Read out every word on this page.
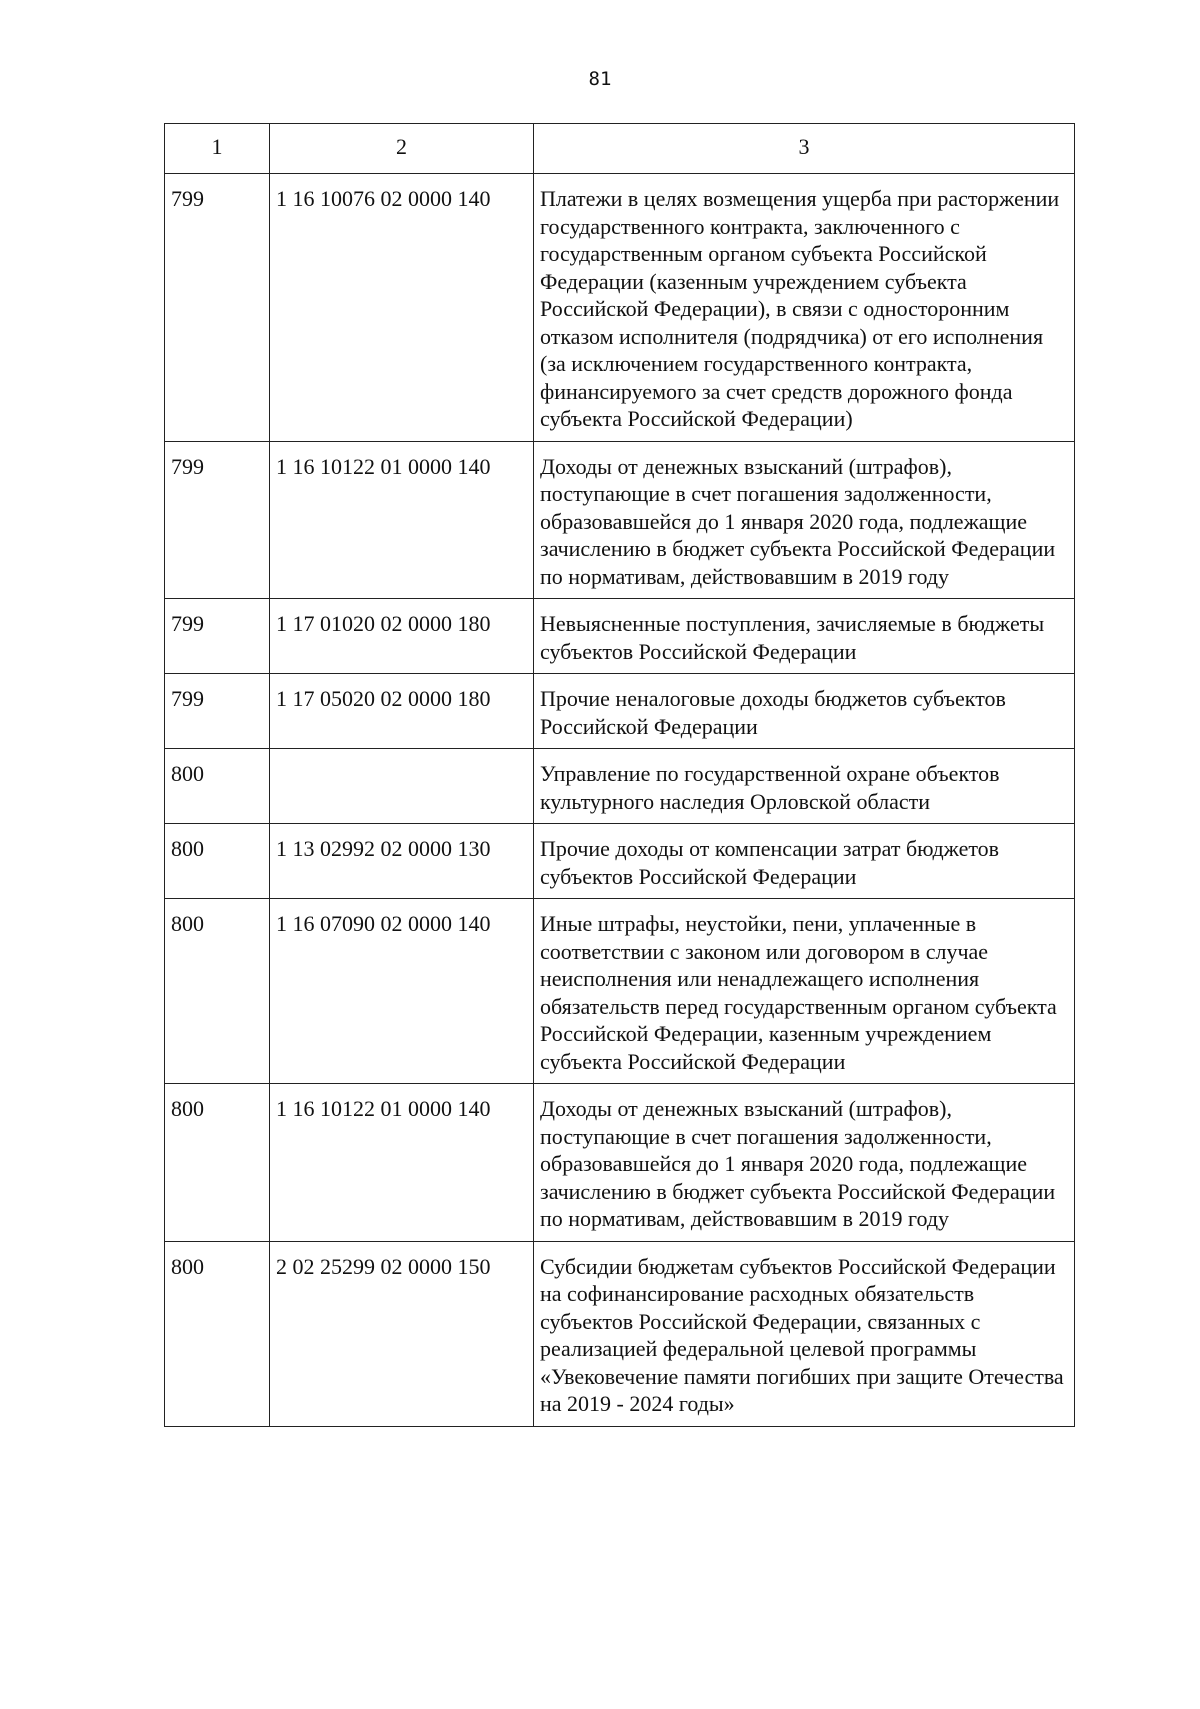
81
1	2	3
799	1 16 10076 02 0000 140	Платежи в целях возмещения ущерба при расторжении государственного контракта, заключенного с государственным органом субъекта Российской Федерации (казенным учреждением субъекта Российской Федерации), в связи с односторонним отказом исполнителя (подрядчика) от его исполнения (за исключением государственного контракта, финансируемого за счет средств дорожного фонда субъекта Российской Федерации)
799	1 16 10122 01 0000 140	Доходы от денежных взысканий (штрафов), поступающие в счет погашения задолженности, образовавшейся до 1 января 2020 года, подлежащие зачислению в бюджет субъекта Российской Федерации по нормативам, действовавшим в 2019 году
799	1 17 01020 02 0000 180	Невыясненные поступления, зачисляемые в бюджеты субъектов Российской Федерации
799	1 17 05020 02 0000 180	Прочие неналоговые доходы бюджетов субъектов Российской Федерации
800		Управление по государственной охране объектов культурного наследия Орловской области
800	1 13 02992 02 0000 130	Прочие доходы от компенсации затрат бюджетов субъектов Российской Федерации
800	1 16 07090 02 0000 140	Иные штрафы, неустойки, пени, уплаченные в соответствии с законом или договором в случае неисполнения или ненадлежащего исполнения обязательств перед государственным органом субъекта Российской Федерации, казенным учреждением субъекта Российской Федерации
800	1 16 10122 01 0000 140	Доходы от денежных взысканий (штрафов), поступающие в счет погашения задолженности, образовавшейся до 1 января 2020 года, подлежащие зачислению в бюджет субъекта Российской Федерации по нормативам, действовавшим в 2019 году
800	2 02 25299 02 0000 150	Субсидии бюджетам субъектов Российской Федерации на софинансирование расходных обязательств субъектов Российской Федерации, связанных с реализацией федеральной целевой программы «Увековечение памяти погибших при защите Отечества на 2019 - 2024 годы»
